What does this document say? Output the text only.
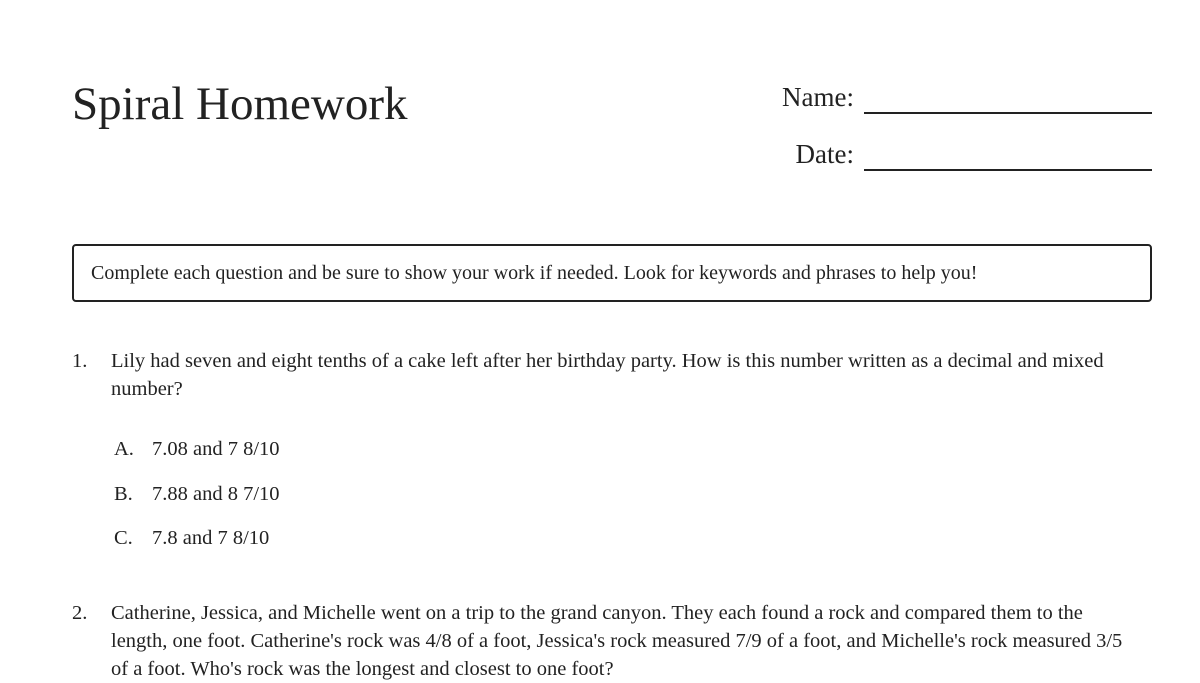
Spiral Homework	Name:
Date:
Complete each question and be sure to show your work if needed. Look for keywords and phrases to help you!
1. Lily had seven and eight tenths of a cake left after her birthday party. How is this number written as a decimal and mixed number?
A. 7.08 and 7 8/10
B. 7.88 and 8 7/10
C. 7.8 and 7 8/10
2. Catherine, Jessica, and Michelle went on a trip to the grand canyon. They each found a rock and compared them to the length, one foot. Catherine's rock was 4/8 of a foot, Jessica's rock measured 7/9 of a foot, and Michelle's rock measured 3/5 of a foot. Who's rock was the longest and closest to one foot?
